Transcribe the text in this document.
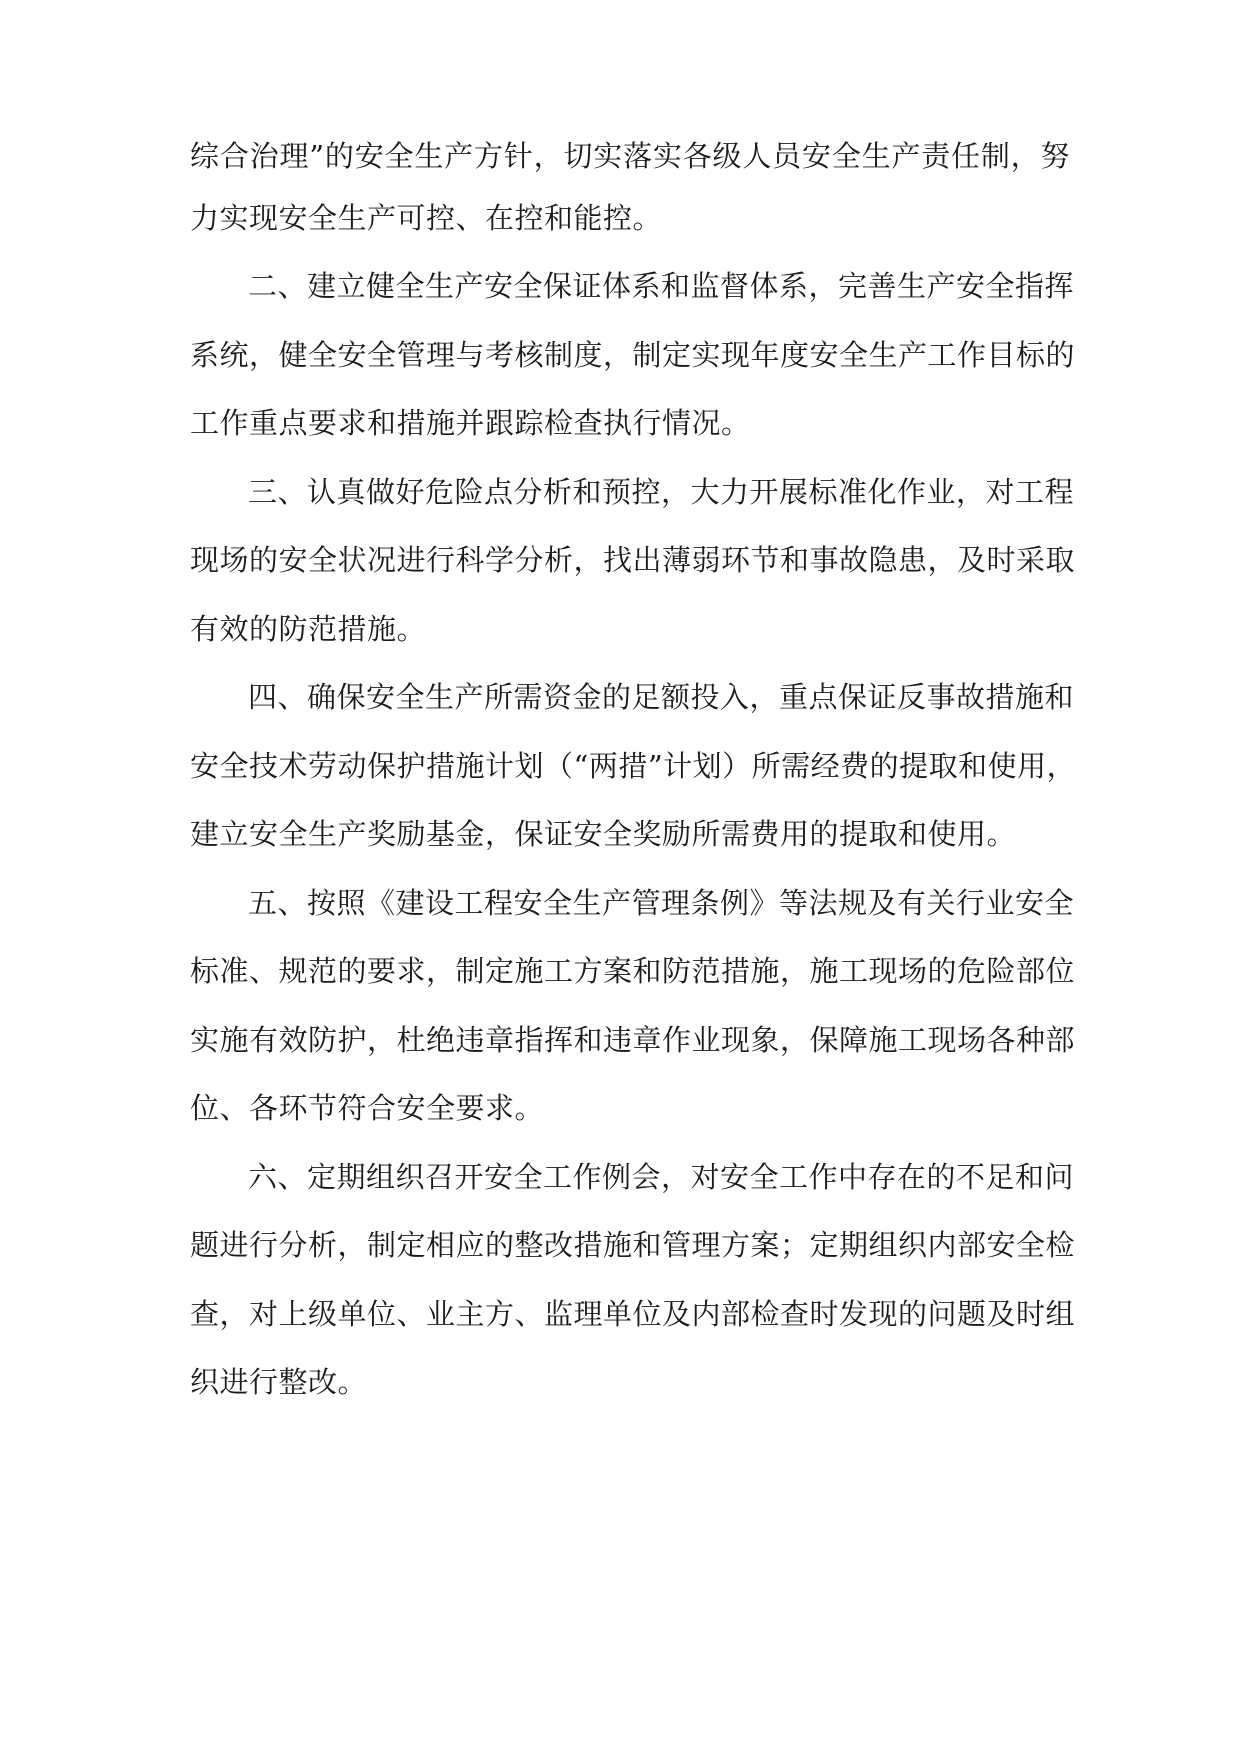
综合治理”的安全生产方针，切实落实各级人员安全生产责任制，努

力实现安全生产可控、在控和能控。

二、建立健全生产安全保证体系和监督体系，完善生产安全指挥

系统，健全安全管理与考核制度，制定实现年度安全生产工作目标的

工作重点要求和措施并跟踪检查执行情况。

三、认真做好危险点分析和预控，大力开展标准化作业，对工程

现场的安全状况进行科学分析，找出薄弱环节和事故隐患，及时采取

有效的防范措施。

四、确保安全生产所需资金的足额投入，重点保证反事故措施和

安全技术劳动保护措施计划（“两措”计划）所需经费的提取和使用，

建立安全生产奖励基金，保证安全奖励所需费用的提取和使用。

五、按照《建设工程安全生产管理条例》等法规及有关行业安全

标准、规范的要求，制定施工方案和防范措施，施工现场的危险部位

实施有效防护，杜绝违章指挥和违章作业现象，保障施工现场各种部

位、各环节符合安全要求。

六、定期组织召开安全工作例会，对安全工作中存在的不足和问

题进行分析，制定相应的整改措施和管理方案；定期组织内部安全检

查，对上级单位、业主方、监理单位及内部检查时发现的问题及时组

织进行整改。
